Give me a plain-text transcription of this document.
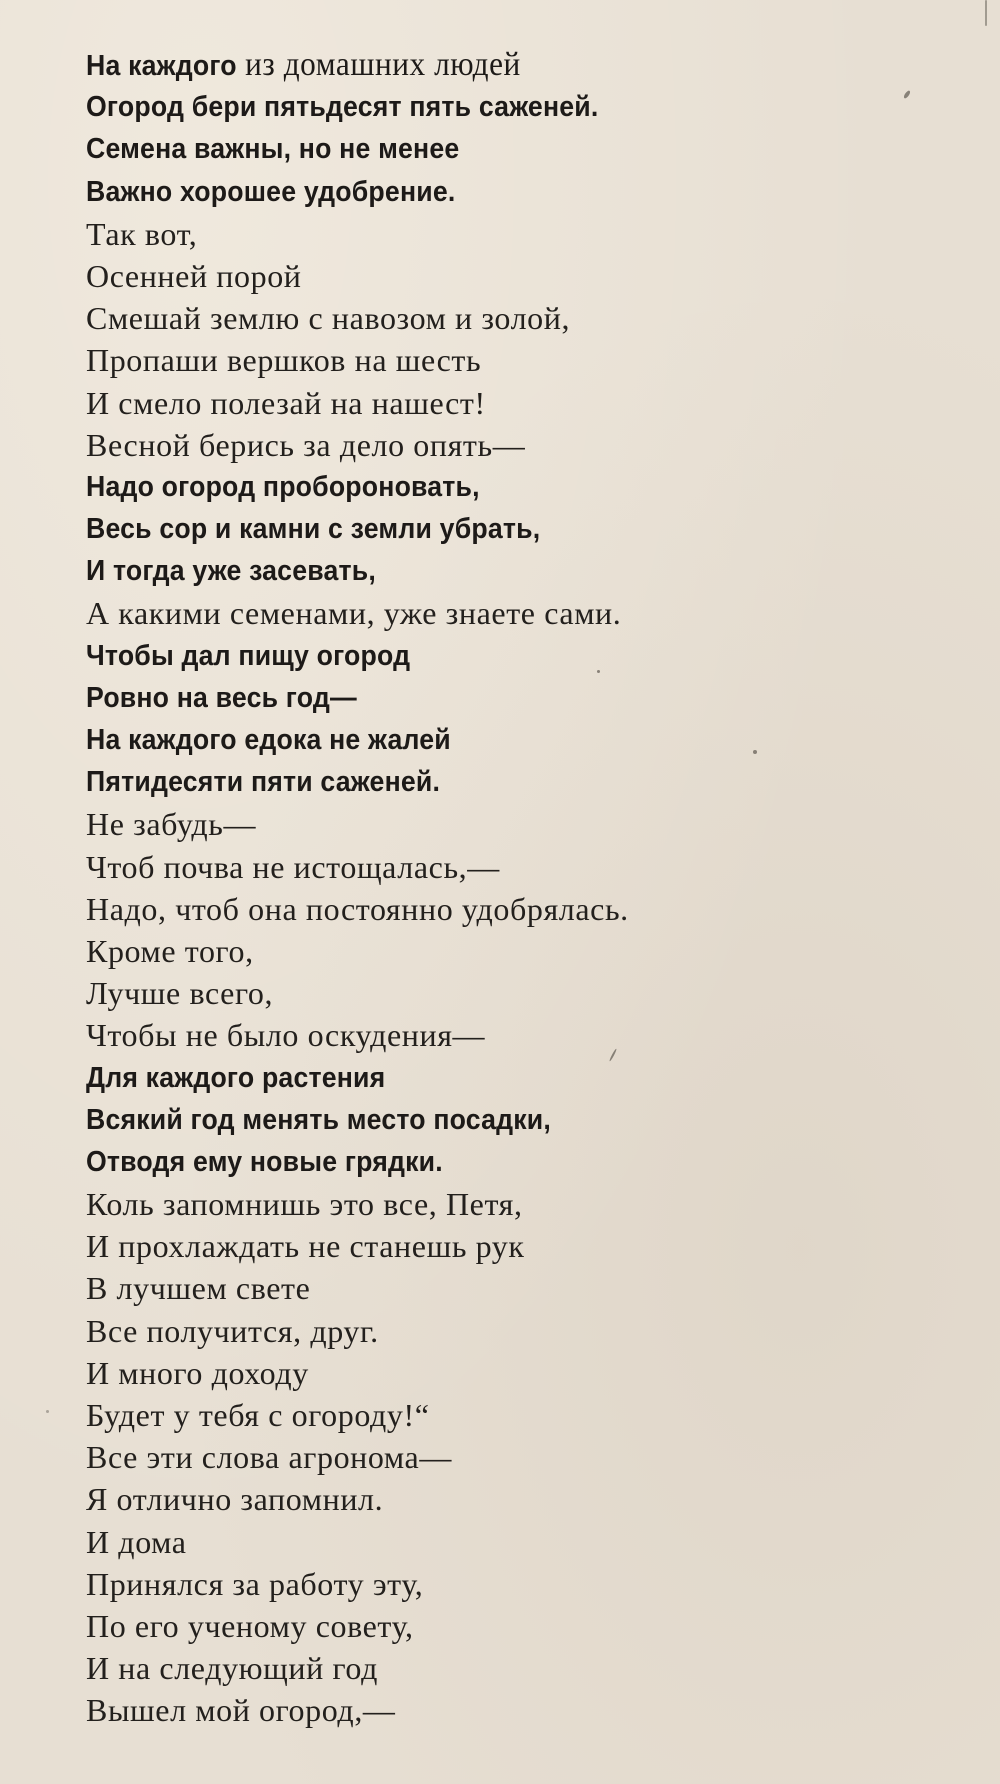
На каждого из домашних людей
Огород бери пятьдесят пять саженей.
Семена важны, но не менее
Важно хорошее удобрение.
Так вот,
Осенней порой
Смешай землю с навозом и золой,
Пропаши вершков на шесть
И смело полезай на нашест!
Весной берись за дело опять—
Надо огород пробороновать,
Весь сор и камни с земли убрать,
И тогда уже засевать,
А какими семенами, уже знаете сами.
Чтобы дал пищу огород
Ровно на весь год—
На каждого едока не жалей
Пятидесяти пяти саженей.
Не забудь—
Чтоб почва не истощалась,—
Надо, чтоб она постоянно удобрялась.
Кроме того,
Лучше всего,
Чтобы не было оскудения—
Для каждого растения
Всякий год менять место посадки,
Отводя ему новые грядки.
Коль запомнишь это все, Петя,
И прохлаждать не станешь рук
В лучшем свете
Все получится, друг.
И много доходу
Будет у тебя с огороду!“
Все эти слова агронома—
Я отлично запомнил.
И дома
Принялся за работу эту,
По его ученому совету,
И на следующий год
Вышел мой огород,—
